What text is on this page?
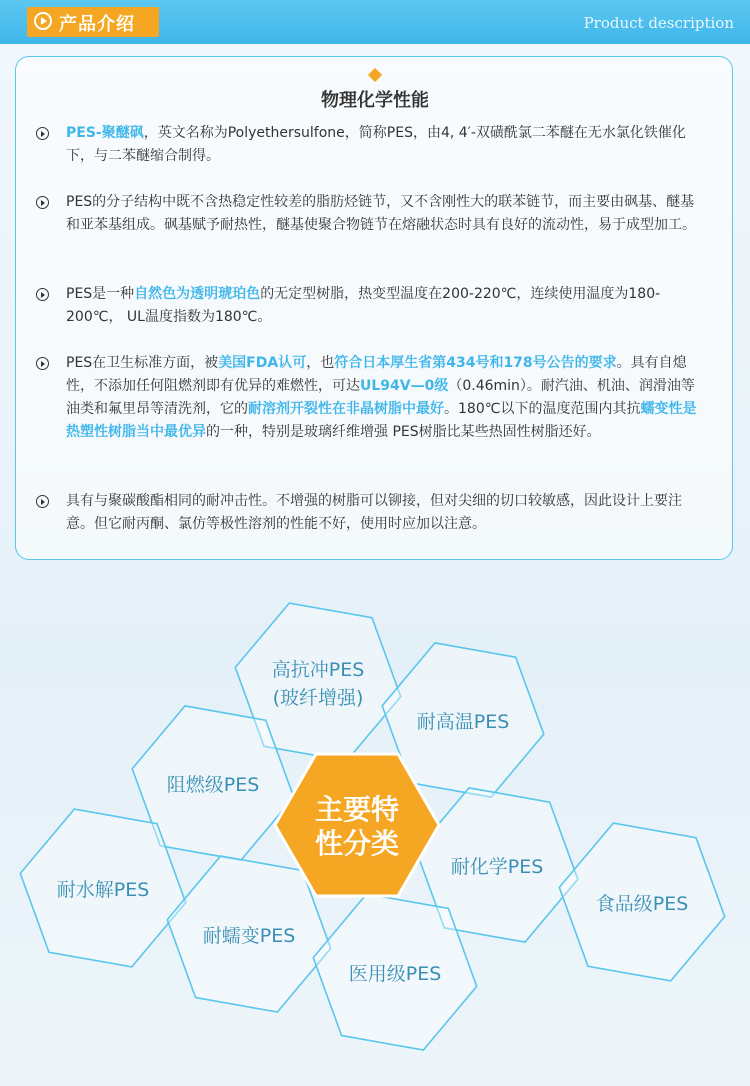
产品介绍	Product description
物理化学性能
PES-聚醚砜，英文名称为Polyethersulfone，简称PES，由4, 4′-双磺酰氯二苯醚在无水氯化铁催化下，与二苯醚缩合制得。
PES的分子结构中既不含热稳定性较差的脂肪烃链节，又不含刚性大的联苯链节，而主要由砜基、醚基和亚苯基组成。砜基赋予耐热性，醚基使聚合物链节在熔融状态时具有良好的流动性，易于成型加工。
PES是一种自然色为透明琥珀色的无定型树脂，热变型温度在200-220℃，连续使用温度为180-200℃， UL温度指数为180℃。
PES在卫生标准方面，被美国FDA认可，也符合日本厚生省第434号和178号公告的要求。具有自熄性，不添加任何阻燃剂即有优异的难燃性，可达UL94V—0级（0.46min）。耐汽油、机油、润滑油等油类和氟里昂等清洗剂，它的耐溶剂开裂性在非晶树脂中最好。180℃以下的温度范围内其抗蠕变性是热塑性树脂当中最优异的一种，特别是玻璃纤维增强 PES树脂比某些热固性树脂还好。
具有与聚碳酸酯相同的耐冲击性。不增强的树脂可以铆接，但对尖细的切口较敏感，因此设计上要注意。但它耐丙酮、氯仿等极性溶剂的性能不好，使用时应加以注意。
高抗冲PES
(玻纤增强)
耐高温PES
阻燃级PES
耐化学PES
耐水解PES
耐蠕变PES
医用级PES
食品级PES
主要特
性分类
